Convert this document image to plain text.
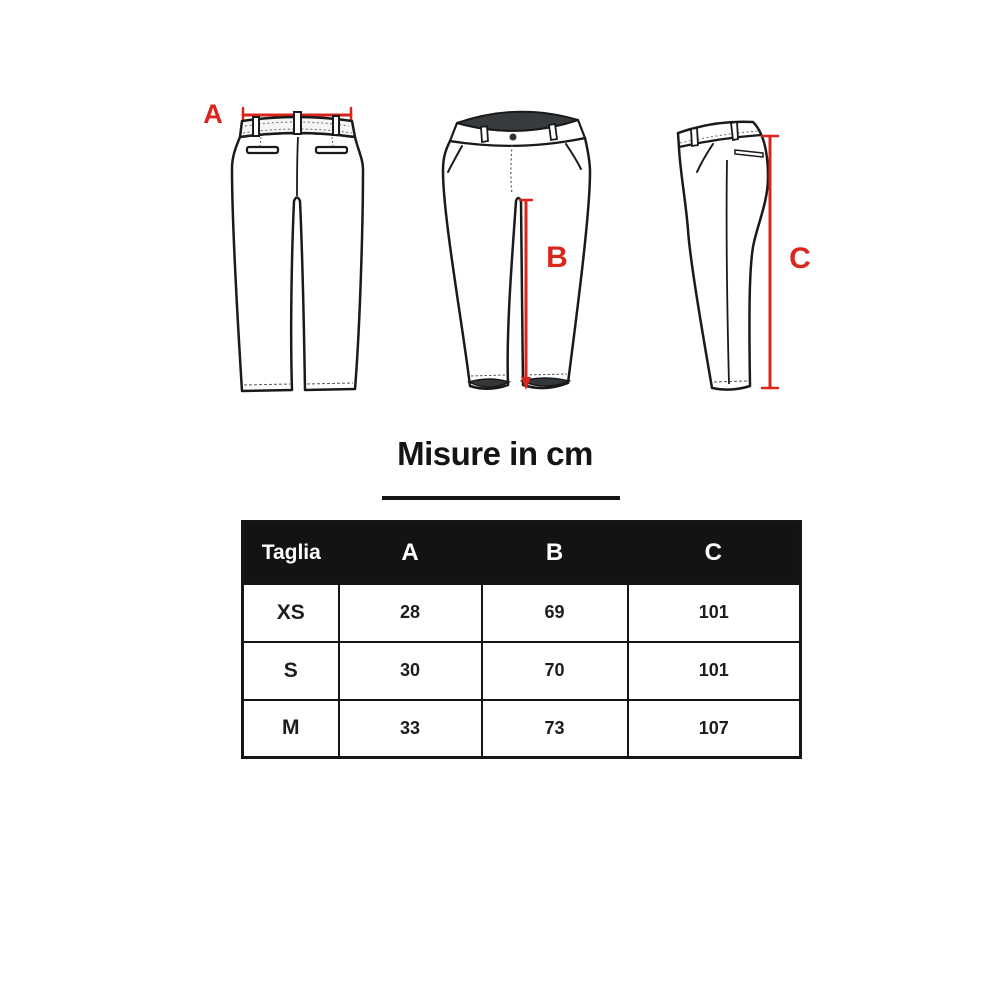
A
B	C
Misure in cm
Taglia	A	B	C
XS	28	69	101
S	30	70	101
M	33	73	107
